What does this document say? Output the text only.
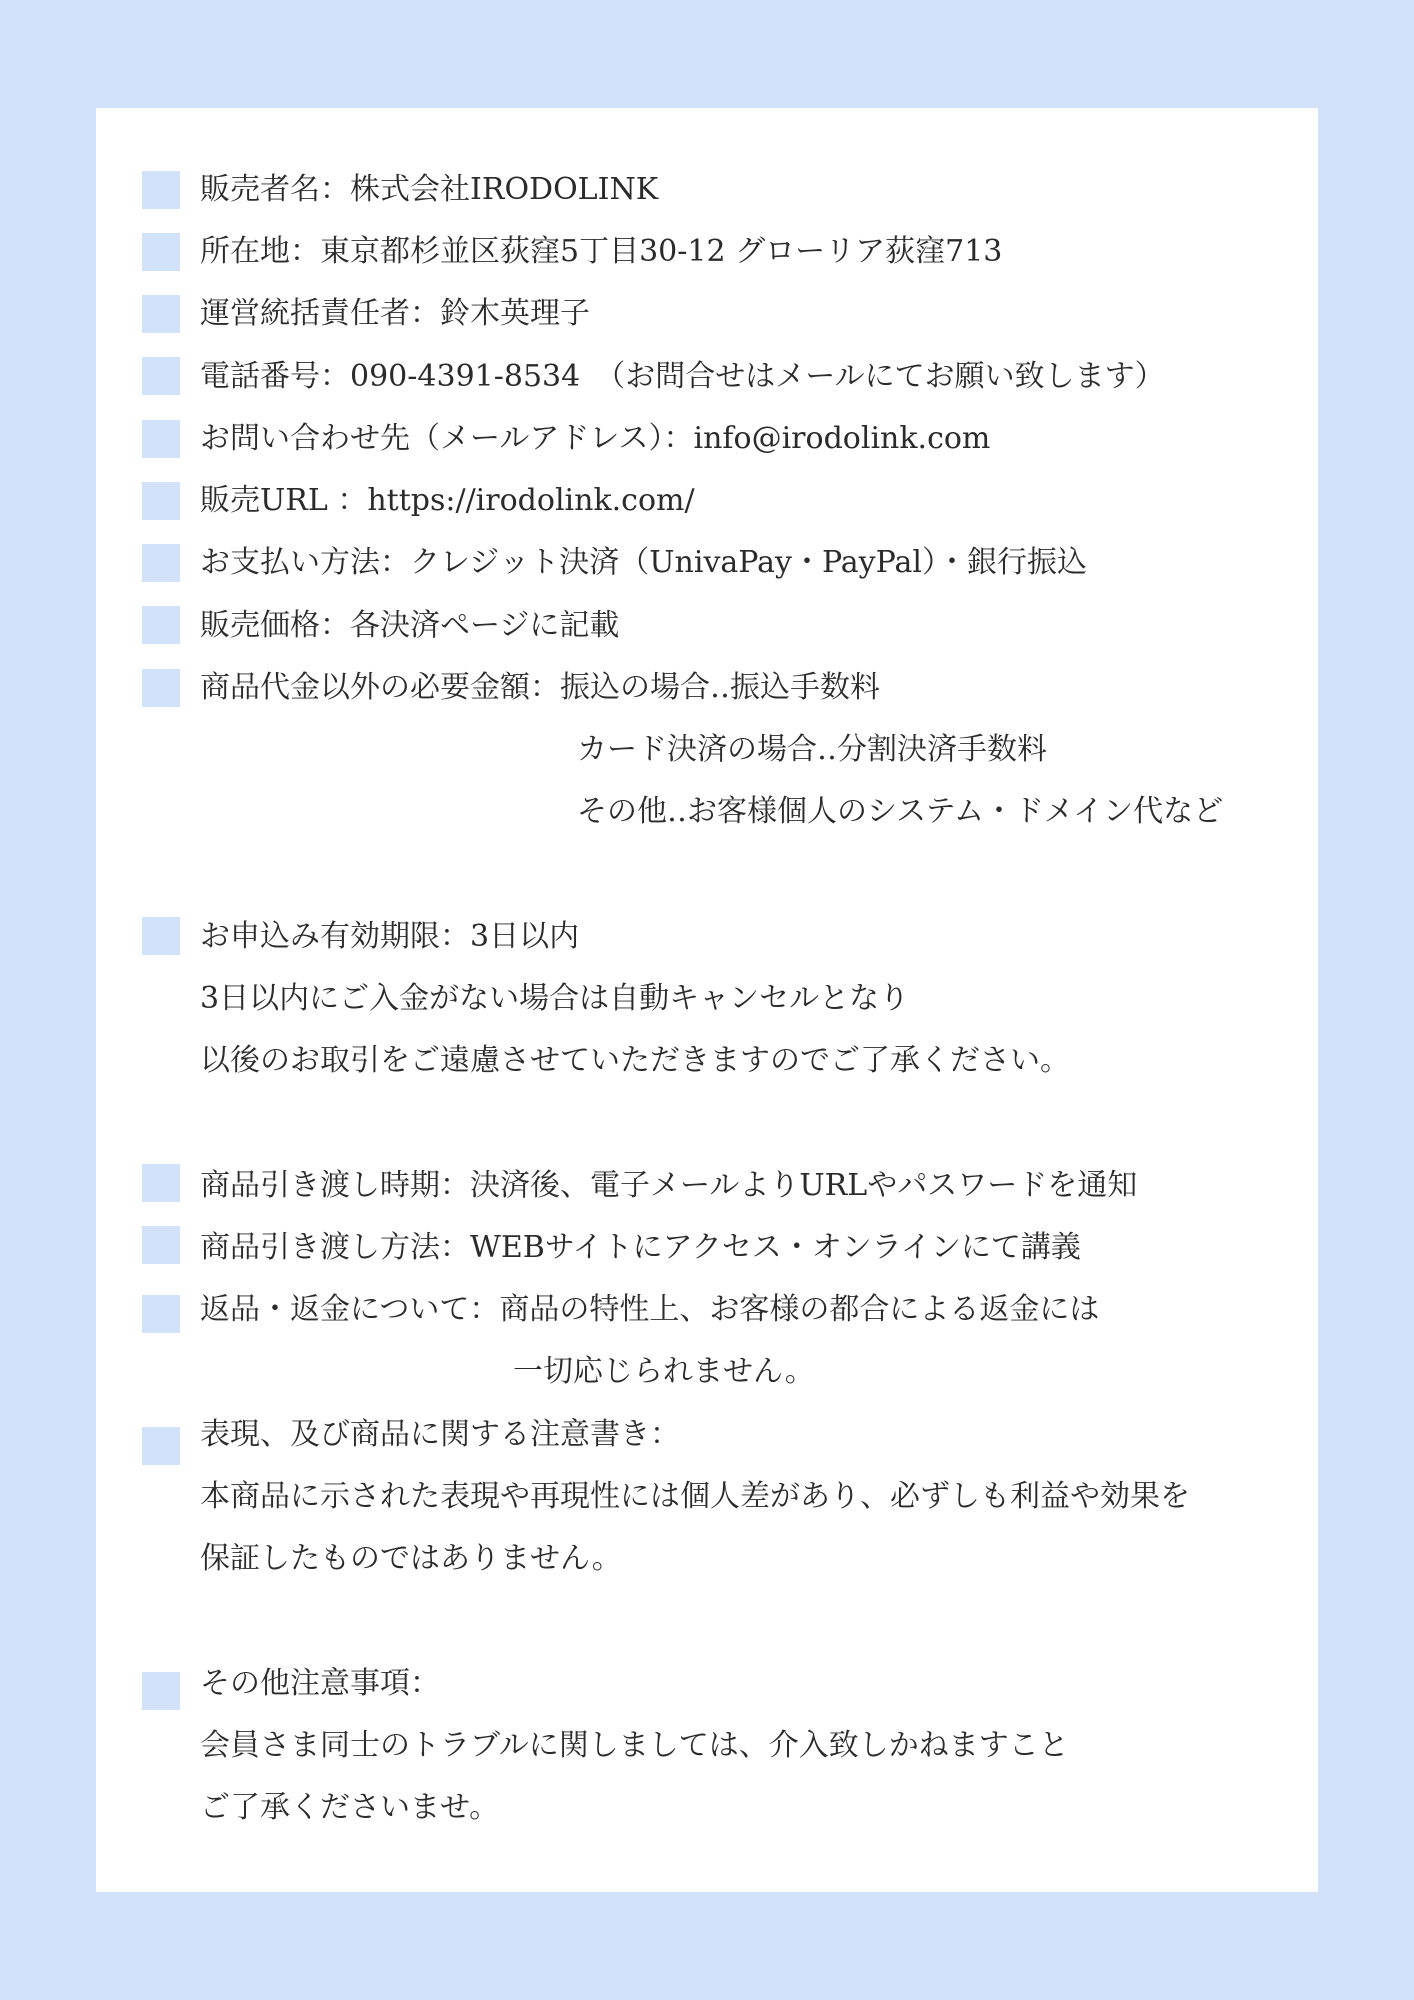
販売者名：株式会社IRODOLINK
所在地：東京都杉並区荻窪5丁目30-12 グローリア荻窪713
運営統括責任者：鈴木英理子
電話番号：090-4391-8534　（お問合せはメールにてお願い致します）
お問い合わせ先（メールアドレス）：info@irodolink.com
販売URL ：https://irodolink.com/
お支払い方法：クレジット決済（UnivaPay・PayPal）・銀行振込
販売価格：各決済ページに記載
商品代金以外の必要金額：振込の場合‥振込手数料
カード決済の場合‥分割決済手数料
その他‥お客様個人のシステム・ドメイン代など
お申込み有効期限：3日以内
3日以内にご入金がない場合は自動キャンセルとなり
以後のお取引をご遠慮させていただきますのでご了承ください。
商品引き渡し時期：決済後、電子メールよりURLやパスワードを通知
商品引き渡し方法：WEBサイトにアクセス・オンラインにて講義
返品・返金について：商品の特性上、お客様の都合による返金には
一切応じられません。
表現、及び商品に関する注意書き：
本商品に示された表現や再現性には個人差があり、必ずしも利益や効果を
保証したものではありません。
その他注意事項：
会員さま同士のトラブルに関しましては、介入致しかねますこと
ご了承くださいませ。
